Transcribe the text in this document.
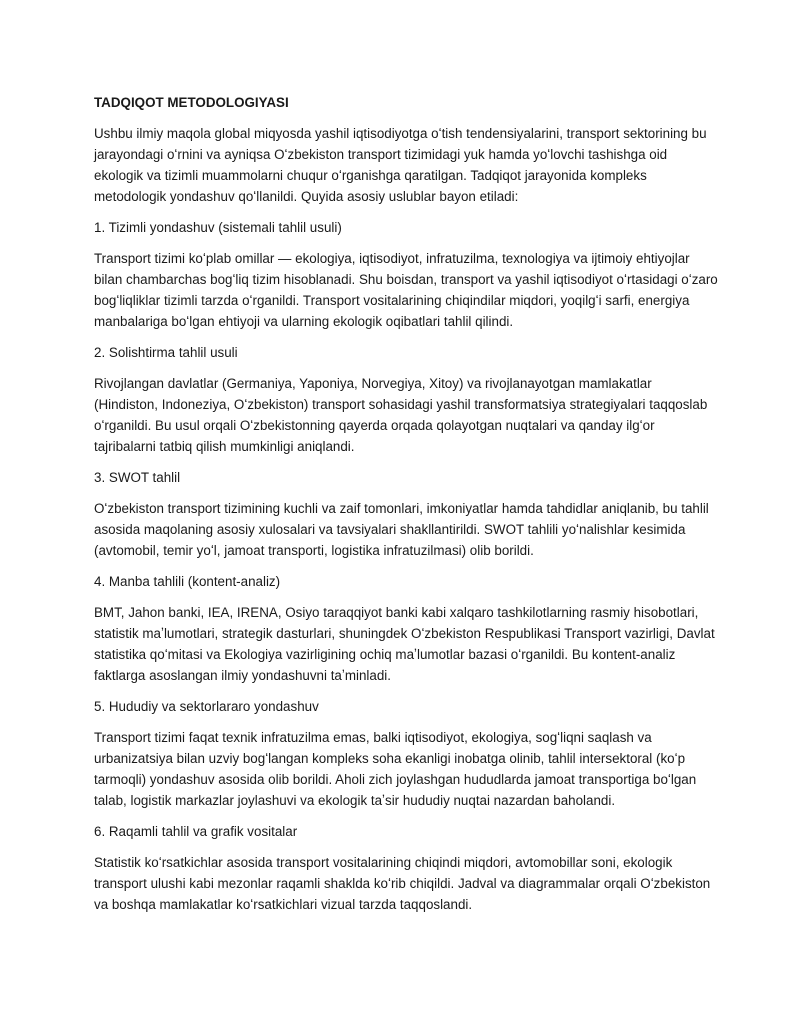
TADQIQOT METODOLOGIYASI
Ushbu ilmiy maqola global miqyosda yashil iqtisodiyotga oʻtish tendensiyalarini, transport sektorining bu jarayondagi oʻrnini va ayniqsa Oʻzbekiston transport tizimidagi yuk hamda yoʻlovchi tashishga oid ekologik va tizimli muammolarni chuqur oʻrganishga qaratilgan. Tadqiqot jarayonida kompleks metodologik yondashuv qoʻllanildi. Quyida asosiy uslublar bayon etiladi:
1. Tizimli yondashuv (sistemali tahlil usuli)
Transport tizimi koʻplab omillar — ekologiya, iqtisodiyot, infratuzilma, texnologiya va ijtimoiy ehtiyojlar bilan chambarchas bogʻliq tizim hisoblanadi. Shu boisdan, transport va yashil iqtisodiyot oʻrtasidagi oʻzaro bogʻliqliklar tizimli tarzda oʻrganildi. Transport vositalarining chiqindilar miqdori, yoqilgʻi sarfi, energiya manbalariga boʻlgan ehtiyoji va ularning ekologik oqibatlari tahlil qilindi.
2. Solishtirma tahlil usuli
Rivojlangan davlatlar (Germaniya, Yaponiya, Norvegiya, Xitoy) va rivojlanayotgan mamlakatlar (Hindiston, Indoneziya, Oʻzbekiston) transport sohasidagi yashil transformatsiya strategiyalari taqqoslab oʻrganildi. Bu usul orqali Oʻzbekistonning qayerda orqada qolayotgan nuqtalari va qanday ilgʻor tajribalarni tatbiq qilish mumkinligi aniqlandi.
3. SWOT tahlil
Oʻzbekiston transport tizimining kuchli va zaif tomonlari, imkoniyatlar hamda tahdidlar aniqlanib, bu tahlil asosida maqolaning asosiy xulosalari va tavsiyalari shakllantirildi. SWOT tahlili yoʻnalishlar kesimida (avtomobil, temir yoʻl, jamoat transporti, logistika infratuzilmasi) olib borildi.
4. Manba tahlili (kontent-analiz)
BMT, Jahon banki, IEA, IRENA, Osiyo taraqqiyot banki kabi xalqaro tashkilotlarning rasmiy hisobotlari, statistik maʼlumotlari, strategik dasturlari, shuningdek Oʻzbekiston Respublikasi Transport vazirligi, Davlat statistika qoʻmitasi va Ekologiya vazirligining ochiq maʼlumotlar bazasi oʻrganildi. Bu kontent-analiz faktlarga asoslangan ilmiy yondashuvni taʼminladi.
5. Hududiy va sektorlararo yondashuv
Transport tizimi faqat texnik infratuzilma emas, balki iqtisodiyot, ekologiya, sogʻliqni saqlash va urbanizatsiya bilan uzviy bogʻlangan kompleks soha ekanligi inobatga olinib, tahlil intersektoral (koʻp tarmoqli) yondashuv asosida olib borildi. Aholi zich joylashgan hududlarda jamoat transportiga boʻlgan talab, logistik markazlar joylashuvi va ekologik taʼsir hududiy nuqtai nazardan baholandi.
6. Raqamli tahlil va grafik vositalar
Statistik koʻrsatkichlar asosida transport vositalarining chiqindi miqdori, avtomobillar soni, ekologik transport ulushi kabi mezonlar raqamli shaklda koʻrib chiqildi. Jadval va diagrammalar orqali Oʻzbekiston va boshqa mamlakatlar koʻrsatkichlari vizual tarzda taqqoslandi.
